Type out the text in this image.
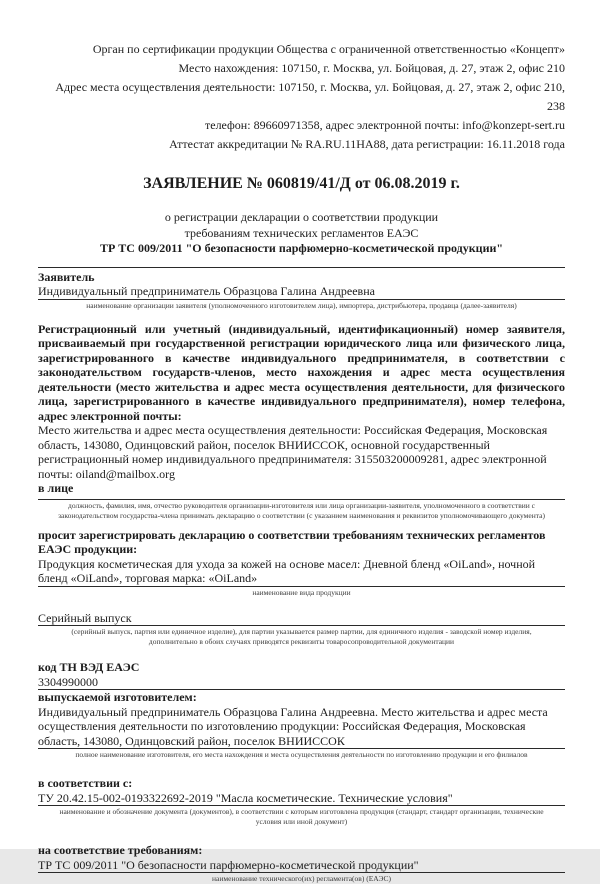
Орган по сертификации продукции Общества с ограниченной ответственностью «Концепт»
Место нахождения: 107150, г. Москва, ул. Бойцовая, д. 27, этаж 2, офис 210
Адрес места осуществления деятельности: 107150, г. Москва, ул. Бойцовая, д. 27, этаж 2, офис 210, 238
телефон: 89660971358, адрес электронной почты: info@konzept-sert.ru
Аттестат аккредитации № RA.RU.11HA88, дата регистрации: 16.11.2018 года
ЗАЯВЛЕНИЕ № 060819/41/Д от 06.08.2019 г.
о регистрации декларации о соответствии продукции
требованиям технических регламентов ЕАЭС
ТР ТС 009/2011 "О безопасности парфюмерно-косметической продукции"
Заявитель
Индивидуальный предприниматель Образцова Галина Андреевна
наименование организации заявителя (уполномоченного изготовителем лица), импортера, дистрибьютера, продавца (далее-заявителя)

Регистрационный или учетный (индивидуальный, идентификационный) номер заявителя, присваиваемый при государственной регистрации юридического лица или физического лица, зарегистрированного в качестве индивидуального предпринимателя, в соответствии с законодательством государств-членов, место нахождения и адрес места осуществления деятельности (место жительства и адрес места осуществления деятельности, для физического лица, зарегистрированного в качестве индивидуального предпринимателя), номер телефона, адрес электронной почты:

Место жительства и адрес места осуществления деятельности: Российская Федерация, Московская область, 143080, Одинцовский район, поселок ВНИИССОК, основной государственный регистрационный номер индивидуального предпринимателя: 315503200009281, адрес электронной почты: oiland@mailbox.org

в лице
должность, фамилия, имя, отчество руководителя организации-изготовителя или лица организации-заявителя, уполномоченного в соответствии с законодательством государства-члена принимать декларацию о соответствии (с указанием наименования и реквизитов уполномочивающего документа)

просит зарегистрировать декларацию о соответствии требованиям технических регламентов ЕАЭС продукции:

Продукция косметическая для ухода за кожей на основе масел: Дневной бленд «OiLand», ночной бленд «OiLand», торговая марка: «OiLand»
наименование вида продукции
Серийный выпуск
(серийный выпуск, партия или единичное изделие), для партии указывается размер партии, для единичного изделия - заводской номер изделия, дополнительно в обоих случаях приводятся реквизиты товаросопроводительной документации
код ТН ВЭД ЕАЭС
3304990000
выпускаемой изготовителем:
Индивидуальный предприниматель Образцова Галина Андреевна. Место жительства и адрес места осуществления деятельности по изготовлению продукции: Российская Федерация, Московская область, 143080, Одинцовский район, поселок ВНИИССОК
полное наименование изготовителя, его места нахождения и места осуществления деятельности по изготовлению продукции и его филиалов
в соответствии с:
ТУ 20.42.15-002-0193322692-2019 "Масла косметические. Технические условия"
наименование и обозначение документа (документов), в соответствии с которым изготовлена продукция (стандарт, стандарт организации, технические условия или иной документ)
на соответствие требованиям:
ТР ТС 009/2011 "О безопасности парфюмерно-косметической продукции"
наименование технического(их) регламента(ов) (ЕАЭС)
